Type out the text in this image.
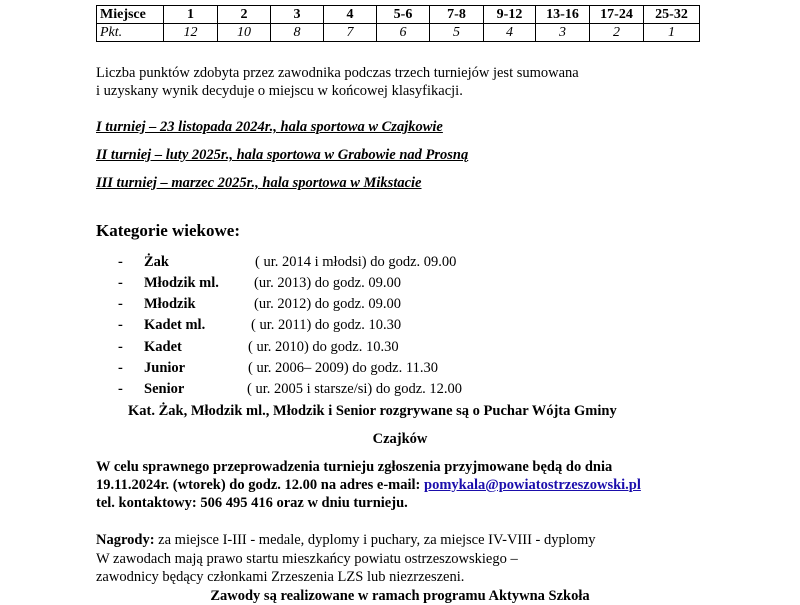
Miejsce	1	2	3	4	5-6	7-8	9-12	13-16	17-24	25-32
Pkt.	12	10	8	7	6	5	4	3	2	1
Liczba punktów zdobyta przez zawodnika podczas trzech turniejów jest sumowana
i uzyskany wynik decyduje o miejscu w końcowej klasyfikacji.
I turniej – 23 listopada 2024r., hala sportowa w Czajkowie
II turniej – luty 2025r., hala sportowa w Grabowie nad Prosną
III turniej – marzec 2025r., hala sportowa w Mikstacie
Kategorie wiekowe:
- Żak	( ur. 2014 i młodsi) do godz. 09.00
- Młodzik ml. (ur. 2013) do godz. 09.00
- Młodzik	(ur. 2012) do godz. 09.00
- Kadet ml.	( ur. 2011) do godz. 10.30
- Kadet	( ur. 2010) do godz. 10.30
- Junior	( ur. 2006– 2009) do godz. 11.30
- Senior	( ur. 2005 i starsze/si) do godz. 12.00
Kat. Żak, Młodzik ml., Młodzik i Senior rozgrywane są o Puchar Wójta Gminy
Czajków
W celu sprawnego przeprowadzenia turnieju zgłoszenia przyjmowane będą do dnia
19.11.2024r. (wtorek) do godz. 12.00 na adres e-mail: pomykala@powiatostrzeszowski.pl
tel. kontaktowy: 506 495 416 oraz w dniu turnieju.
Nagrody: za miejsce I-III - medale, dyplomy i puchary, za miejsce IV-VIII - dyplomy
W zawodach mają prawo startu mieszkańcy powiatu ostrzeszowskiego –
zawodnicy będący członkami Zrzeszenia LZS lub niezrzeszeni.
Zawody są realizowane w ramach programu Aktywna Szkoła
